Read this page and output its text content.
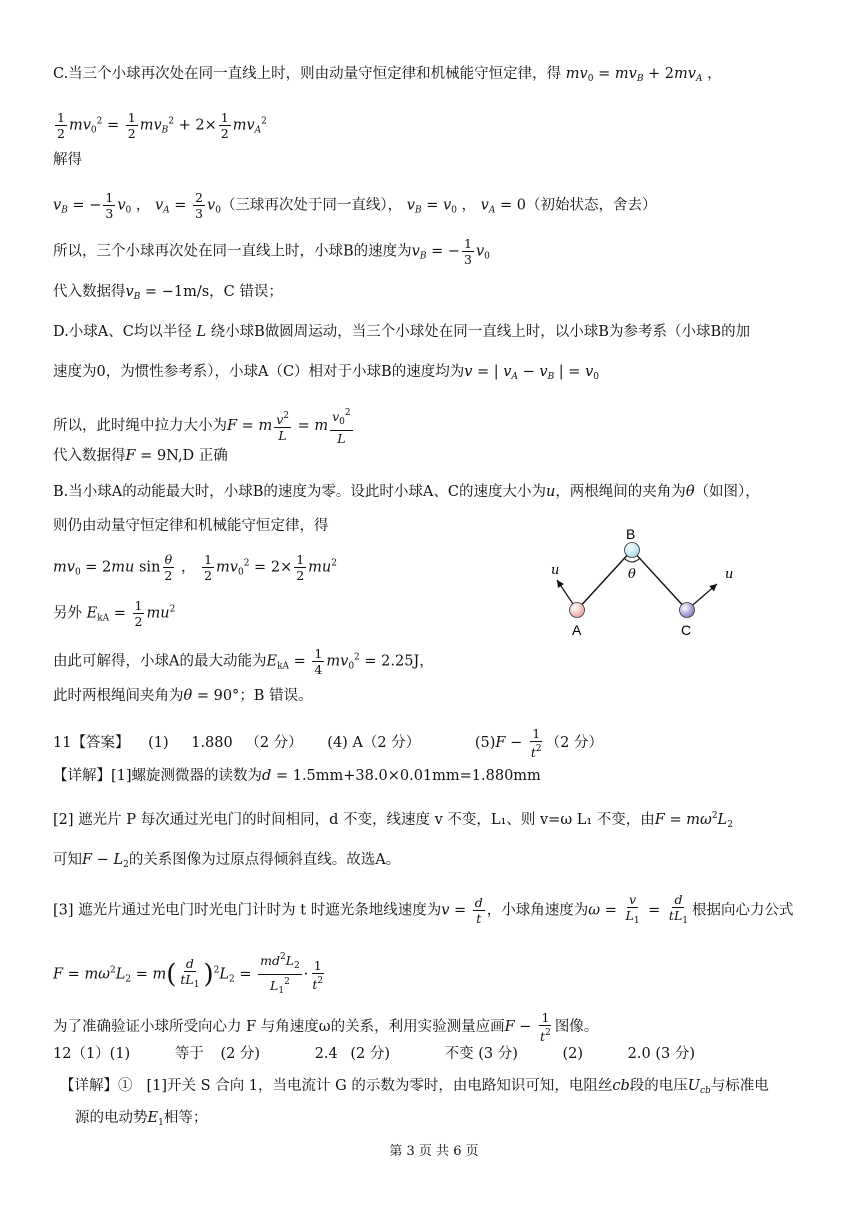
C.当三个小球再次处在同一直线上时，则由动量守恒定律和机械能守恒定律，得 $mv_0 = mv_B + 2mv_A$ ，
$\frac{1}{2} mv_0^2 = \frac{1}{2} mv_B^2 + 2\times \frac{1}{2} mv_A^2$
解得
$v_B$ = − $\frac{1}{3} v_0$ ， $v_A = \frac{2}{3} v_0$（三球再次处于同一直线）， $v_B = v_0$ ， $v_A = 0$（初始状态，舍去）
所以，三个小球再次处在同一直线上时，小球B的速度为$v_B$ = − $\frac{1}{3} v_0$
代入数据得$v_B = -1m/s$，C 错误；
D.小球A、C均以半径 L 绕小球B做圆周运动，当三个小球处在同一直线上时，以小球B为参考系（小球B的加
速度为0，为惯性参考系），小球A（C）相对于小球B的速度均为v = | $v_A - v_B$ | = $v_0$
所以，此时绳中拉力大小为F = m $\frac{v^2}{L} = m \frac{v_0^2}{L}$
代入数据得F = 9N,D 正确
B.当小球A的动能最大时，小球B的速度为零。设此时小球A、C的速度大小为u，两根绳间的夹角为θ（如图），
则仍由动量守恒定律和机械能守恒定律，得
$mv_0 = 2mu$ $\sin \frac{\theta}{2}$ ， $\frac{1}{2} mv_0^2 = 2\times \frac{1}{2} mu^2$
另外 $E_{kA} = \frac{1}{2} mu^2$
由此可解得，小球A的最大动能为$E_{kA} = \frac{1}{4} mv_0^2 = 2.25J$，
此时两根绳间夹角为θ = 90°；B 错误。
11【答案】 (1) 1.880 （2 分） (4) A（2 分）	$(5)F - \frac{1}{t^2} (2$ 分）
【详解】[1]螺旋测微器的读数为d = 1.5mm+38.0×0.01mm=1.880mm
[2] 遮光片 P 每次通过光电门的时间相同，d 不变，线速度 v 不变，L₁、则 v=ω L₁ 不变，由$F = m\omega^2L_2$
可知$F - L_2$的关系图像为过原点得倾斜直线。故选A。
[3] 遮光片通过光电门时光电门计时为 t 时遮光条地线速度为$v = \frac{d}{t}$ ，小球角速度为$\omega = \frac{v}{L_1} = \frac{d}{tL_1}$ 根据向心力公式
$F = m\omega^2L_2 = m( \frac{d}{tL_1} )^2L_2 = \frac{md^2L_2}{L_1^2} \cdot \frac{1}{t^2}$
为了准确验证小球所受向心力 F 与角速度ω的关系，利用实验测量应画$F - \frac{1}{t^2}$ 图像。
12（1）(1)	等于 (2 分)	2.4 (2 分)	不变 (3 分)	(2)	2.0 (3 分)
【详解】① [1]开关 S 合向 1，当电流计 G 的示数为零时，由电路知识可知，电阻丝cb段的电压$U_{cb}$与标准电
源的电动势$E_1$相等；
B
θ
u	u
A	C
第 3 页 共 6 页
